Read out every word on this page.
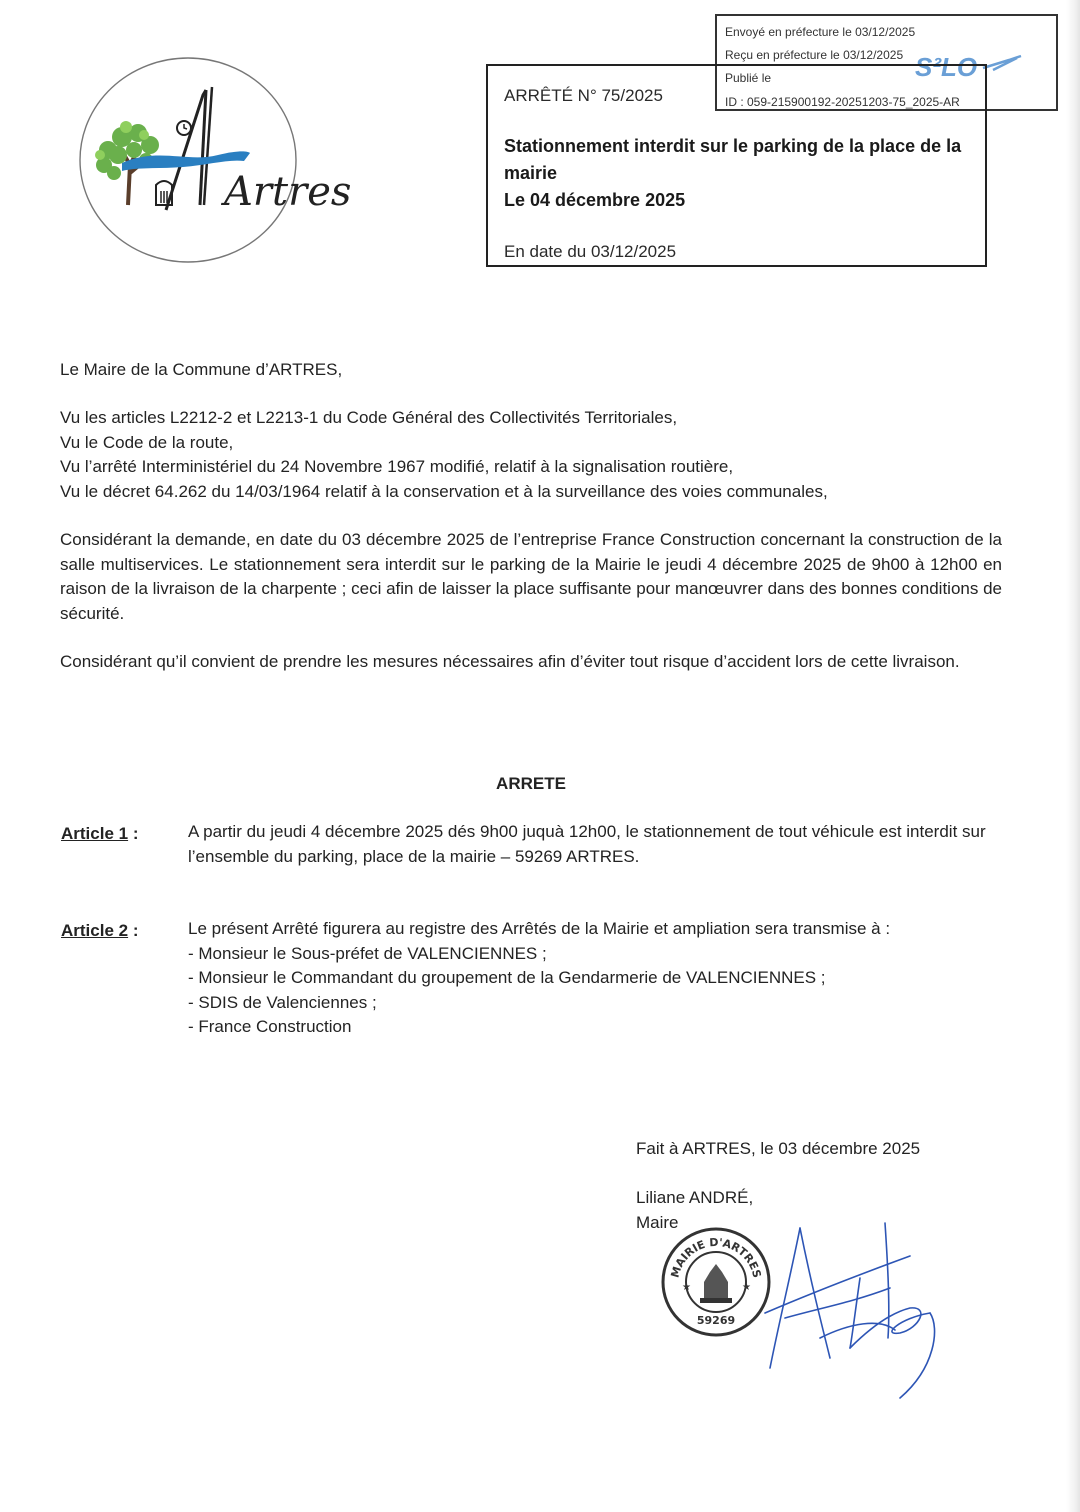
Artres
Envoyé en préfecture le 03/12/2025
Reçu en préfecture le 03/12/2025
Publié le
ID : 059-215900192-20251203-75_2025-AR
S²LO
ARRÊTÉ N° 75/2025
Stationnement interdit sur le parking de la place de la
mairie
Le 04 décembre 2025
En date du 03/12/2025
Le Maire de la Commune d’ARTRES,
Vu les articles L2212-2 et L2213-1 du Code Général des Collectivités Territoriales,
Vu le Code de la route,
Vu l’arrêté Interministériel du 24 Novembre 1967 modifié, relatif à la signalisation routière,
Vu le décret 64.262 du 14/03/1964 relatif à la conservation et à la surveillance des voies communales,
Considérant la demande, en date du 03 décembre 2025 de l’entreprise France Construction concernant la construction de la salle multiservices. Le stationnement sera interdit sur le parking de la Mairie le jeudi 4 décembre 2025 de 9h00 à 12h00 en raison de la livraison de la charpente ; ceci afin de laisser la place suffisante pour manœuvrer dans des bonnes conditions de sécurité.
Considérant qu’il convient de prendre les mesures nécessaires afin d’éviter tout risque d’accident lors de cette livraison.
ARRETE
Article 1 :	A partir du jeudi 4 décembre 2025 dés 9h00 juquà 12h00, le stationnement de tout véhicule est interdit sur l’ensemble du parking, place de la mairie – 59269 ARTRES.
Article 2 :	Le présent Arrêté figurera au registre des Arrêtés de la Mairie et ampliation sera transmise à :
- Monsieur le Sous-préfet de VALENCIENNES ;
- Monsieur le Commandant du groupement de la Gendarmerie de VALENCIENNES ;
- SDIS de Valenciennes ;
- France Construction
Fait à ARTRES, le 03 décembre 2025
Liliane ANDRÉ,
Maire
MAIRIE D'ARTRES
★	★
59269
